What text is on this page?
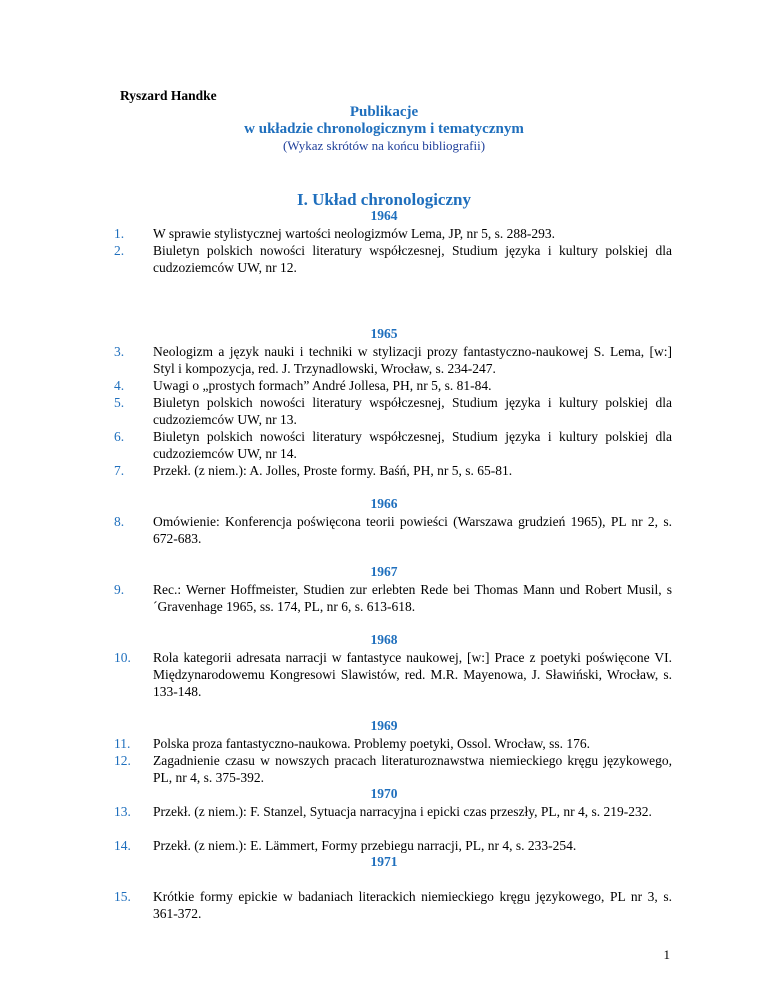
Ryszard Handke
Publikacje
w układzie chronologicznym i tematycznym
(Wykaz skrótów na końcu bibliografii)
I. Układ chronologiczny
1964
1965
1966
1967
1968
1969
1970
1971
1. W sprawie stylistycznej wartości neologizmów Lema, JP, nr 5, s. 288-293.
2. Biuletyn polskich nowości literatury współczesnej, Studium języka i kultury polskiej dla cudzoziemców UW, nr 12.
3. Neologizm a język nauki i techniki w stylizacji prozy fantastyczno-naukowej S. Lema, [w:] Styl i kompozycja, red. J. Trzynadlowski, Wrocław, s. 234-247.
4. Uwagi o „prostych formach” André Jollesa, PH, nr 5, s. 81-84.
5. Biuletyn polskich nowości literatury współczesnej, Studium języka i kultury polskiej dla cudzoziemców UW, nr 13.
6. Biuletyn polskich nowości literatury współczesnej, Studium języka i kultury polskiej dla cudzoziemców UW, nr 14.
7. Przekł. (z niem.): A. Jolles, Proste formy. Baśń, PH, nr 5, s. 65-81.
8. Omówienie: Konferencja poświęcona teorii powieści (Warszawa grudzień 1965), PL nr 2, s. 672-683.
9. Rec.: Werner Hoffmeister, Studien zur erlebten Rede bei Thomas Mann und Robert Musil, s´Gravenhage 1965, ss. 174, PL, nr 6, s. 613-618.
10. Rola kategorii adresata narracji w fantastyce naukowej, [w:] Prace z poetyki poświęcone VI. Międzynarodowemu Kongresowi Slawistów, red. M.R. Mayenowa, J. Sławiński, Wrocław, s. 133-148.
11. Polska proza fantastyczno-naukowa. Problemy poetyki, Ossol. Wrocław, ss. 176.
12. Zagadnienie czasu w nowszych pracach literaturoznawstwa niemieckiego kręgu językowego, PL, nr 4, s. 375-392.
13. Przekł. (z niem.): F. Stanzel, Sytuacja narracyjna i epicki czas przeszły, PL, nr 4, s. 219-232.
14. Przekł. (z niem.): E. Lämmert, Formy przebiegu narracji, PL, nr 4, s. 233-254.
15. Krótkie formy epickie w badaniach literackich niemieckiego kręgu językowego, PL nr 3, s. 361-372.
1
